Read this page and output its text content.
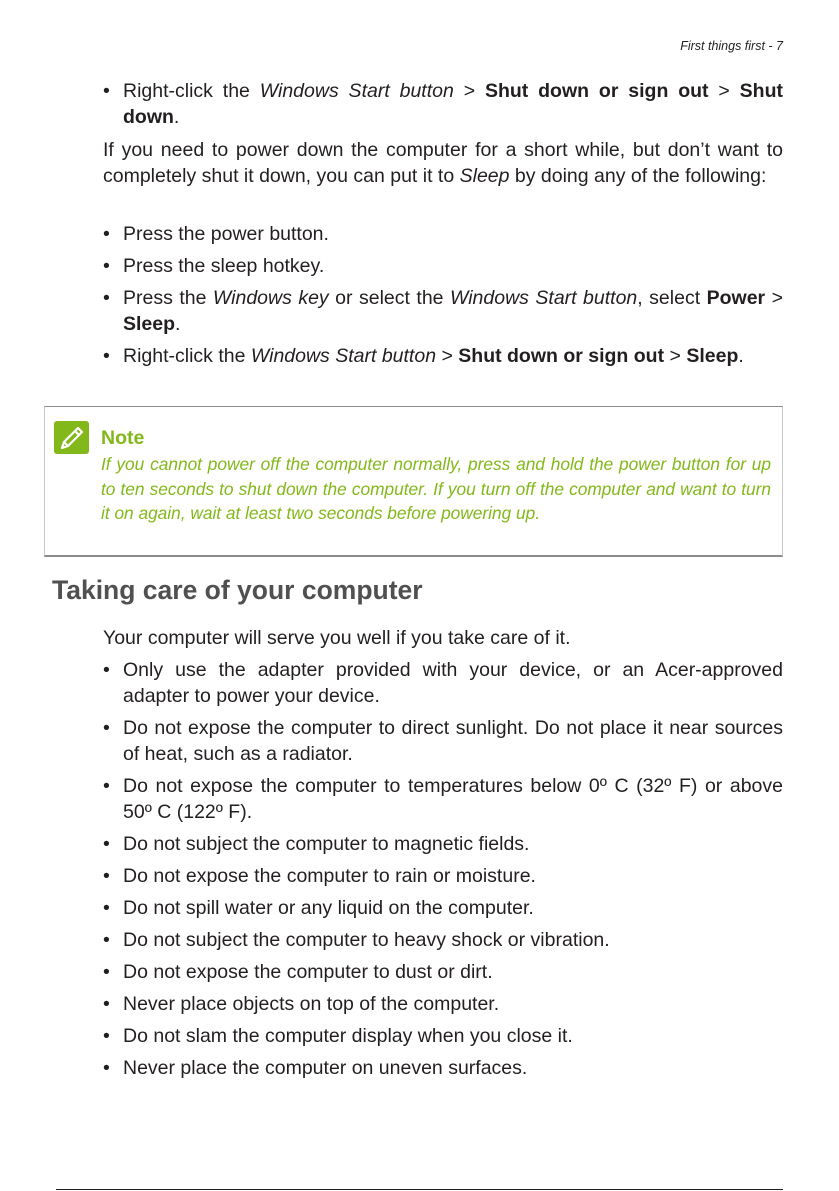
First things first - 7
• Right-click the Windows Start button > Shut down or sign out > Shut down.
If you need to power down the computer for a short while, but don’t want to completely shut it down, you can put it to Sleep by doing any of the following:
• Press the power button.
• Press the sleep hotkey.
• Press the Windows key or select the Windows Start button, select Power > Sleep.
• Right-click the Windows Start button > Shut down or sign out > Sleep.
Note
If you cannot power off the computer normally, press and hold the power button for up to ten seconds to shut down the computer. If you turn off the computer and want to turn it on again, wait at least two seconds before powering up.
Taking care of your computer
Your computer will serve you well if you take care of it.
• Only use the adapter provided with your device, or an Acer-approved adapter to power your device.
• Do not expose the computer to direct sunlight. Do not place it near sources of heat, such as a radiator.
• Do not expose the computer to temperatures below 0º C (32º F) or above 50º C (122º F).
• Do not subject the computer to magnetic fields.
• Do not expose the computer to rain or moisture.
• Do not spill water or any liquid on the computer.
• Do not subject the computer to heavy shock or vibration.
• Do not expose the computer to dust or dirt.
• Never place objects on top of the computer.
• Do not slam the computer display when you close it.
• Never place the computer on uneven surfaces.
